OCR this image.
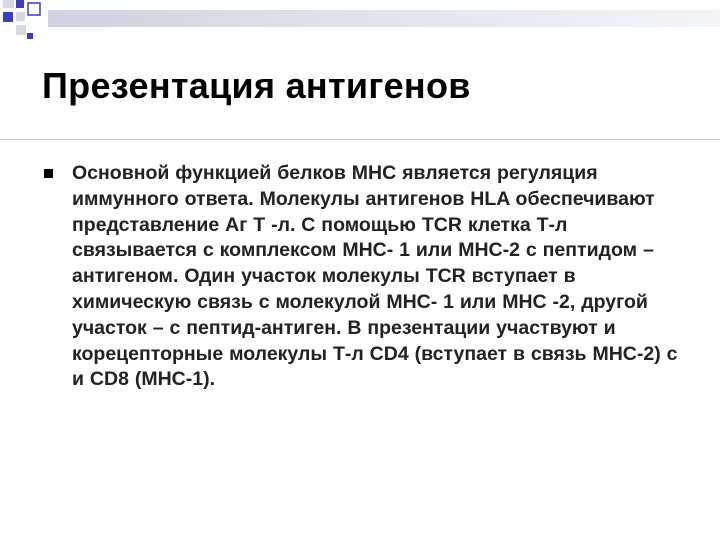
Презентация антигенов

Основной функцией белков МНС является регуляция иммунного ответа. Молекулы антигенов HLA обеспечивают представление Аг Т -л. С помощью TCR клетка Т-л связывается с комплексом МНС- 1 или МНС-2 с пептидом – антигеном. Один участок молекулы TCR вступает в химическую связь с молекулой МНС- 1 или МНС -2, другой участок – с пептид-антиген. В презентации участвуют и корецепторные молекулы Т-л CD4 (вступает в связь МНС-2) с и CD8 (МНС-1).
